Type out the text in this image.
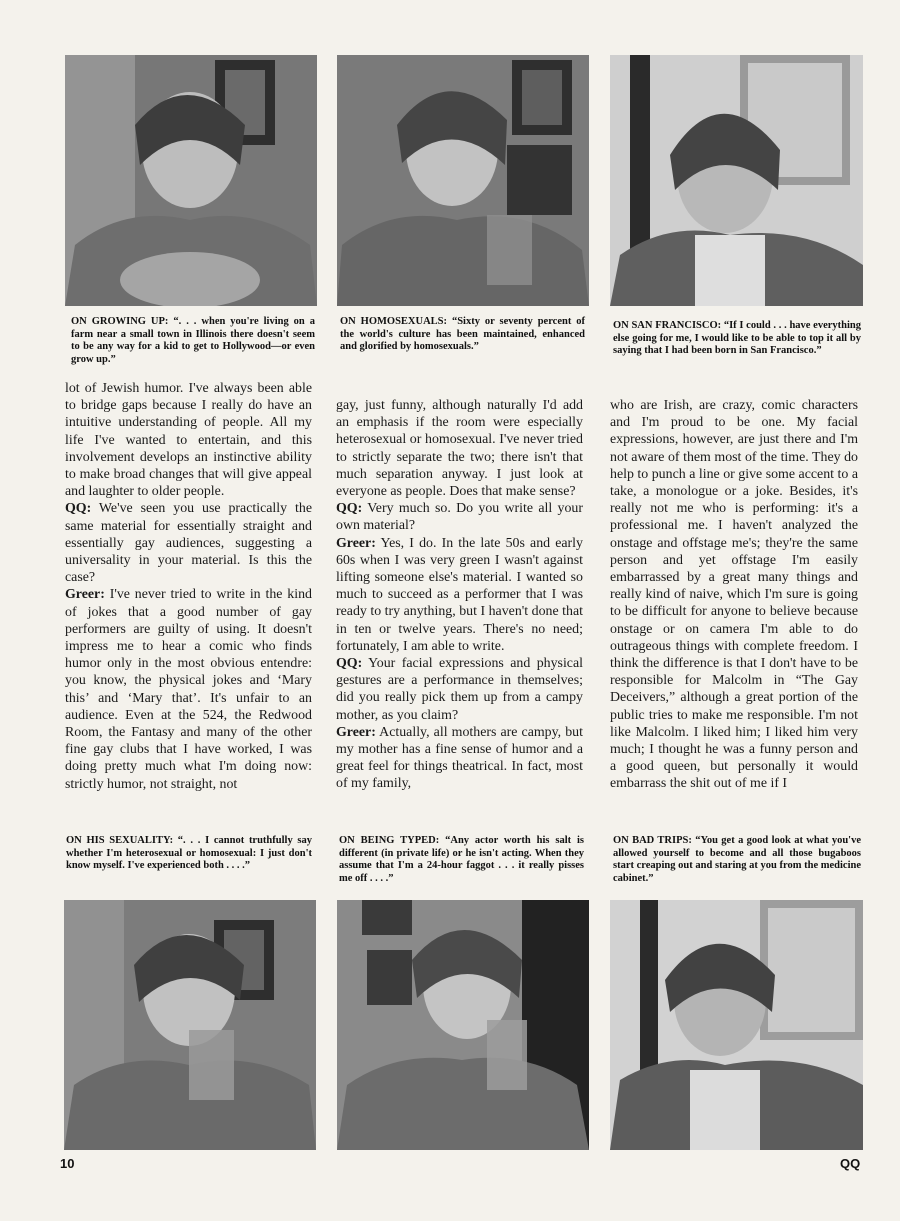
ON GROWING UP: “. . . when you're living on a farm near a small town in Illinois there doesn't seem to be any way for a kid to get to Hollywood—or even grow up.”
ON HOMOSEXUALS: “Sixty or seventy percent of the world's culture has been maintained, enhanced and glorified by homosexuals.”
ON SAN FRANCISCO: “If I could . . . have everything else going for me, I would like to be able to top it all by saying that I had been born in San Francisco.”

lot of Jewish humor. I've always been able to bridge gaps because I really do have an intuitive understanding of people. All my life I've wanted to entertain, and this involvement develops an instinctive ability to make broad changes that will give appeal and laughter to older people.

QQ: We've seen you use practically the same material for essentially straight and essentially gay audiences, suggesting a universality in your material. Is this the case?

Greer: I've never tried to write in the kind of jokes that a good number of gay performers are guilty of using. It doesn't impress me to hear a comic who finds humor only in the most obvious entendre: you know, the physical jokes and ‘Mary this’ and ‘Mary that’. It's unfair to an audience. Even at the 524, the Redwood Room, the Fantasy and many of the other fine gay clubs that I have worked, I was doing pretty much what I'm doing now: strictly humor, not straight, not

gay, just funny, although naturally I'd add an emphasis if the room were especially heterosexual or homosexual. I've never tried to strictly separate the two; there isn't that much separation anyway. I just look at everyone as people. Does that make sense?

QQ: Very much so. Do you write all your own material?

Greer: Yes, I do. In the late 50s and early 60s when I was very green I wasn't against lifting someone else's material. I wanted so much to succeed as a performer that I was ready to try anything, but I haven't done that in ten or twelve years. There's no need; fortunately, I am able to write.

QQ: Your facial expressions and physical gestures are a performance in themselves; did you really pick them up from a campy mother, as you claim?

Greer: Actually, all mothers are campy, but my mother has a fine sense of humor and a great feel for things theatrical. In fact, most of my family,

who are Irish, are crazy, comic characters and I'm proud to be one. My facial expressions, however, are just there and I'm not aware of them most of the time. They do help to punch a line or give some accent to a take, a monologue or a joke. Besides, it's really not me who is performing: it's a professional me. I haven't analyzed the onstage and offstage me's; they're the same person and yet offstage I'm easily embarrassed by a great many things and really kind of naive, which I'm sure is going to be difficult for anyone to believe because onstage or on camera I'm able to do outrageous things with complete freedom. I think the difference is that I don't have to be responsible for Malcolm in “The Gay Deceivers,” although a great portion of the public tries to make me responsible. I'm not like Malcolm. I liked him; I liked him very much; I thought he was a funny person and a good queen, but personally it would embarrass the shit out of me if I

ON HIS SEXUALITY: “. . . I cannot truthfully say whether I'm heterosexual or homosexual: I just don't know myself. I've experienced both . . . .”
ON BEING TYPED: “Any actor worth his salt is different (in private life) or he isn't acting. When they assume that I'm a 24-hour faggot . . . it really pisses me off . . . .”
ON BAD TRIPS: “You get a good look at what you've allowed yourself to become and all those bugaboos start creaping out and staring at you from the medicine cabinet.”
10	QQ
